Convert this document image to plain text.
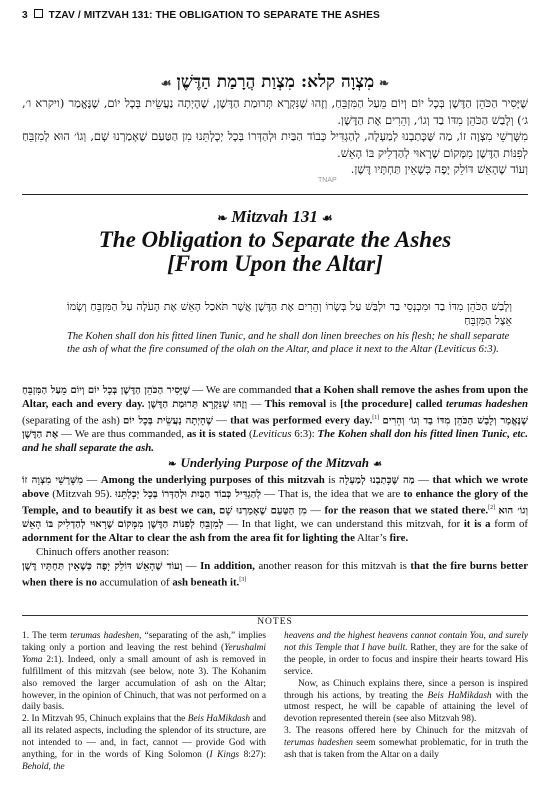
3 TZAV / MITZVAH 131: THE OBLIGATION TO SEPARATE THE ASHES
❧מִצְוָה קלא: מִצְוַת הֲרָמַת הַדֶּשֶׁן☙

שֶׁיָּסִיר הַכֹּהֵן הַדֶּשֶׁן בְּכָל יוֹם וְיוֹם מֵעַל הַמִּזְבֵּחַ, וְזֶהוּ שֶׁנִּקְרָא תְּרוּמַת הַדֶּשֶׁן, שֶׁהָיְתָה נַעֲשֵׂית בְּכָל יוֹם, שֶׁנֶּאֱמַר (ויקרא ו׳, ג׳) וְלָבַשׁ הַכֹּהֵן מִדּוֹ בַד וְגוֹ׳, וְהֵרִים אֶת הַדֶּשֶׁן.

מִשָּׁרְשֵׁי מִצְוָה זוֹ, מַה שֶּׁכָּתַבְנוּ לְמַעְלָה, לְהַגְדִּיל כְּבוֹד הַבַּיִת וּלְהַדְּרוֹ בְּכָל יְכָלְתֵּנוּ מִן הַטַּעַם שֶׁאָמַרְנוּ שָׁם, וְגוֹ׳ הוּא לְמִזְבֵּחַ לְפִנּוֹת הַדֶּשֶׁן מִמָּקוֹם שֶׁרָאוּי לְהַדְלִיק בּוֹ הָאֵשׁ.

וְעוֹד שֶׁהָאֵשׁ דּוֹלֵק יָפֶה כְּשֶׁאֵין תַּחְתָּיו דֶּשֶׁן.

TNAP
❧ Mitzvah 131 ☙
The Obligation to Separate the Ashes
[From Upon the Altar]
וְלָבַשׁ הַכֹּהֵן מִדּוֹ בַד וּמִכְנְסֵי בַד יִלְבַּשׁ עַל בְּשָׂרוֹ וְהֵרִים אֶת הַדֶּשֶׁן אֲשֶׁר תֹּאכַל הָאֵשׁ אֶת הָעֹלָה עַל הַמִּזְבֵּחַ וְשָׂמוֹ אֵצֶל הַמִּזְבֵּחַ
The Kohen shall don his fitted linen Tunic, and he shall don linen breeches on his flesh; he shall separate the ash of what the fire consumed of the olah on the Altar, and place it next to the Altar (Leviticus 6:3).

שֶׁיָּסִיר הַכֹּהֵן הַדֶּשֶׁן בְּכָל יוֹם וְיוֹם מֵעַל הַמִּזְבֵּחַ — We are commanded that a Kohen shall remove the ashes from upon the Altar, each and every day. וְזֶהוּ שֶׁנִּקְרָא תְּרוּמַת הַדֶּשֶׁן — This removal is [the procedure] called terumas hadeshen (separating of the ash) שֶׁהָיְתָה נַעֲשֵׂית בְּכָל יוֹם — that was performed every day.[1] שֶׁנֶּאֱמַר וְלָבַשׁ הַכֹּהֵן מִדּוֹ בַד וְגוֹ׳ וְהֵרִים אֶת הַדֶּשֶׁן — We are thus commanded, as it is stated (Leviticus 6:3): The Kohen shall don his fitted linen Tunic, etc. and he shall separate the ash.

❧ Underlying Purpose of the Mitzvah ☙

מִשָּׁרְשֵׁי מִצְוָה זוֹ — Among the underlying purposes of this mitzvah is מַה שֶּׁכָּתַבְנוּ לְמַעְלָה — that which we wrote above (Mitzvah 95). לְהַגְדִּיל כְּבוֹד הַבַּיִת וּלְהַדְּרוֹ בְּכָל יְכָלְתֵּנוּ — That is, the idea that we are to enhance the glory of the Temple, and to beautify it as best we can, מִן הַטַּעַם שֶׁאָמַרְנוּ שָׁם — for the reason that we stated there.[2] וְגוֹ׳ הוּא לְמִזְבֵּחַ לְפִנּוֹת הַדֶּשֶׁן מִמָּקוֹם שֶׁרָאוּי לְהַדְלִיק בּוֹ הָאֵשׁ	— In that light, we can understand this mitzvah, for it is a form of adornment for the Altar to clear the ash from the area fit for lighting the Altar’s fire.

Chinuch offers another reason:

וְעוֹד שֶׁהָאֵשׁ דּוֹלֵק יָפֶה כְּשֶׁאֵין תַּחְתָּיו דֶּשֶׁן — In addition, another reason for this mitzvah is that the fire burns better when there is no accumulation of ash beneath it.[3]

NOTES

1. The term terumas hadeshen, “separating of the ash,” implies taking only a portion and leaving the rest behind (Yerushalmi Yoma 2:1). Indeed, only a small amount of ash is removed in fulfillment of this mitzvah (see below, note 3). The Kohanim also removed the larger accumulation of ash on the Altar; however, in the opinion of Chinuch, that was not performed on a daily basis.

2. In Mitzvah 95, Chinuch explains that the Beis HaMikdash and all its related aspects, including the splendor of its structure, are not intended to — and, in fact, cannot — provide God with anything, for in the words of King Solomon (I Kings 8:27): Behold, the

heavens and the highest heavens cannot contain You, and surely not this Temple that I have built. Rather, they are for the sake of the people, in order to focus and inspire their hearts toward His service.

Now, as Chinuch explains there, since a person is inspired through his actions, by treating the Beis HaMikdash with the utmost respect, he will be capable of attaining the level of devotion represented therein (see also Mitzvah 98).

3. The reasons offered here by Chinuch for the mitzvah of terumas hadeshen seem somewhat problematic, for in truth the ash that is taken from the Altar on a daily
